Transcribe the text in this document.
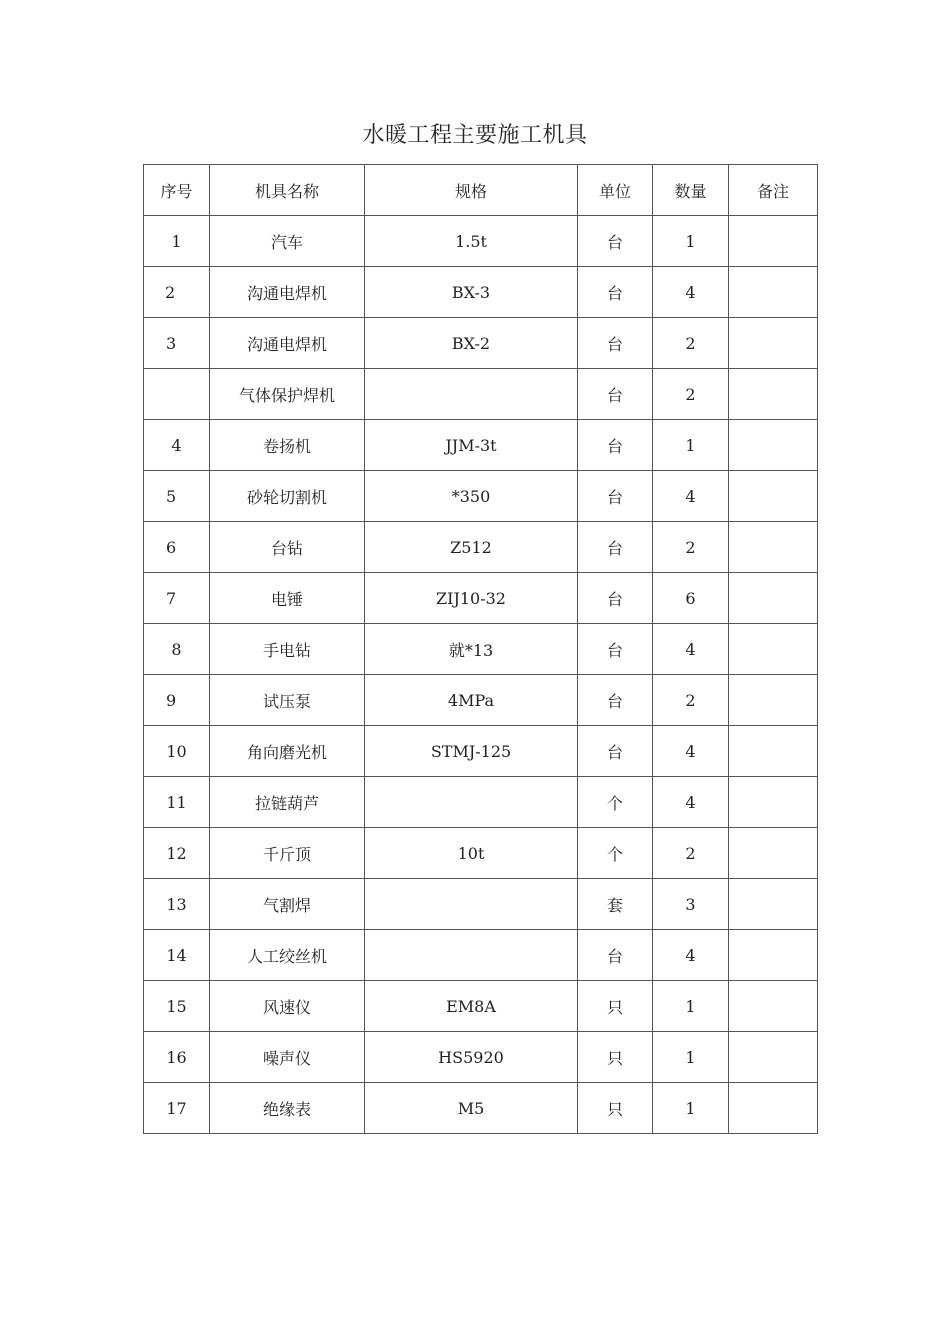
水暖工程主要施工机具
序号	机具名称	规格	单位	数量	备注
1	汽车	1.5t	台	1	
2	沟通电焊机	BX-3	台	4	
3	沟通电焊机	BX-2	台	2	
	气体保护焊机		台	2	
4	卷扬机	JJM-3t	台	1	
5	砂轮切割机	*350	台	4	
6	台钻	Z512	台	2	
7	电锤	ZIJ10-32	台	6	
8	手电钻	就*13	台	4	
9	试压泵	4MPa	台	2	
10	角向磨光机	STMJ-125	台	4	
11	拉链葫芦		个	4	
12	千斤顶	10t	个	2	
13	气割焊		套	3	
14	人工绞丝机		台	4	
15	风速仪	EM8A	只	1	
16	噪声仪	HS5920	只	1	
17	绝缘表	M5	只	1	
